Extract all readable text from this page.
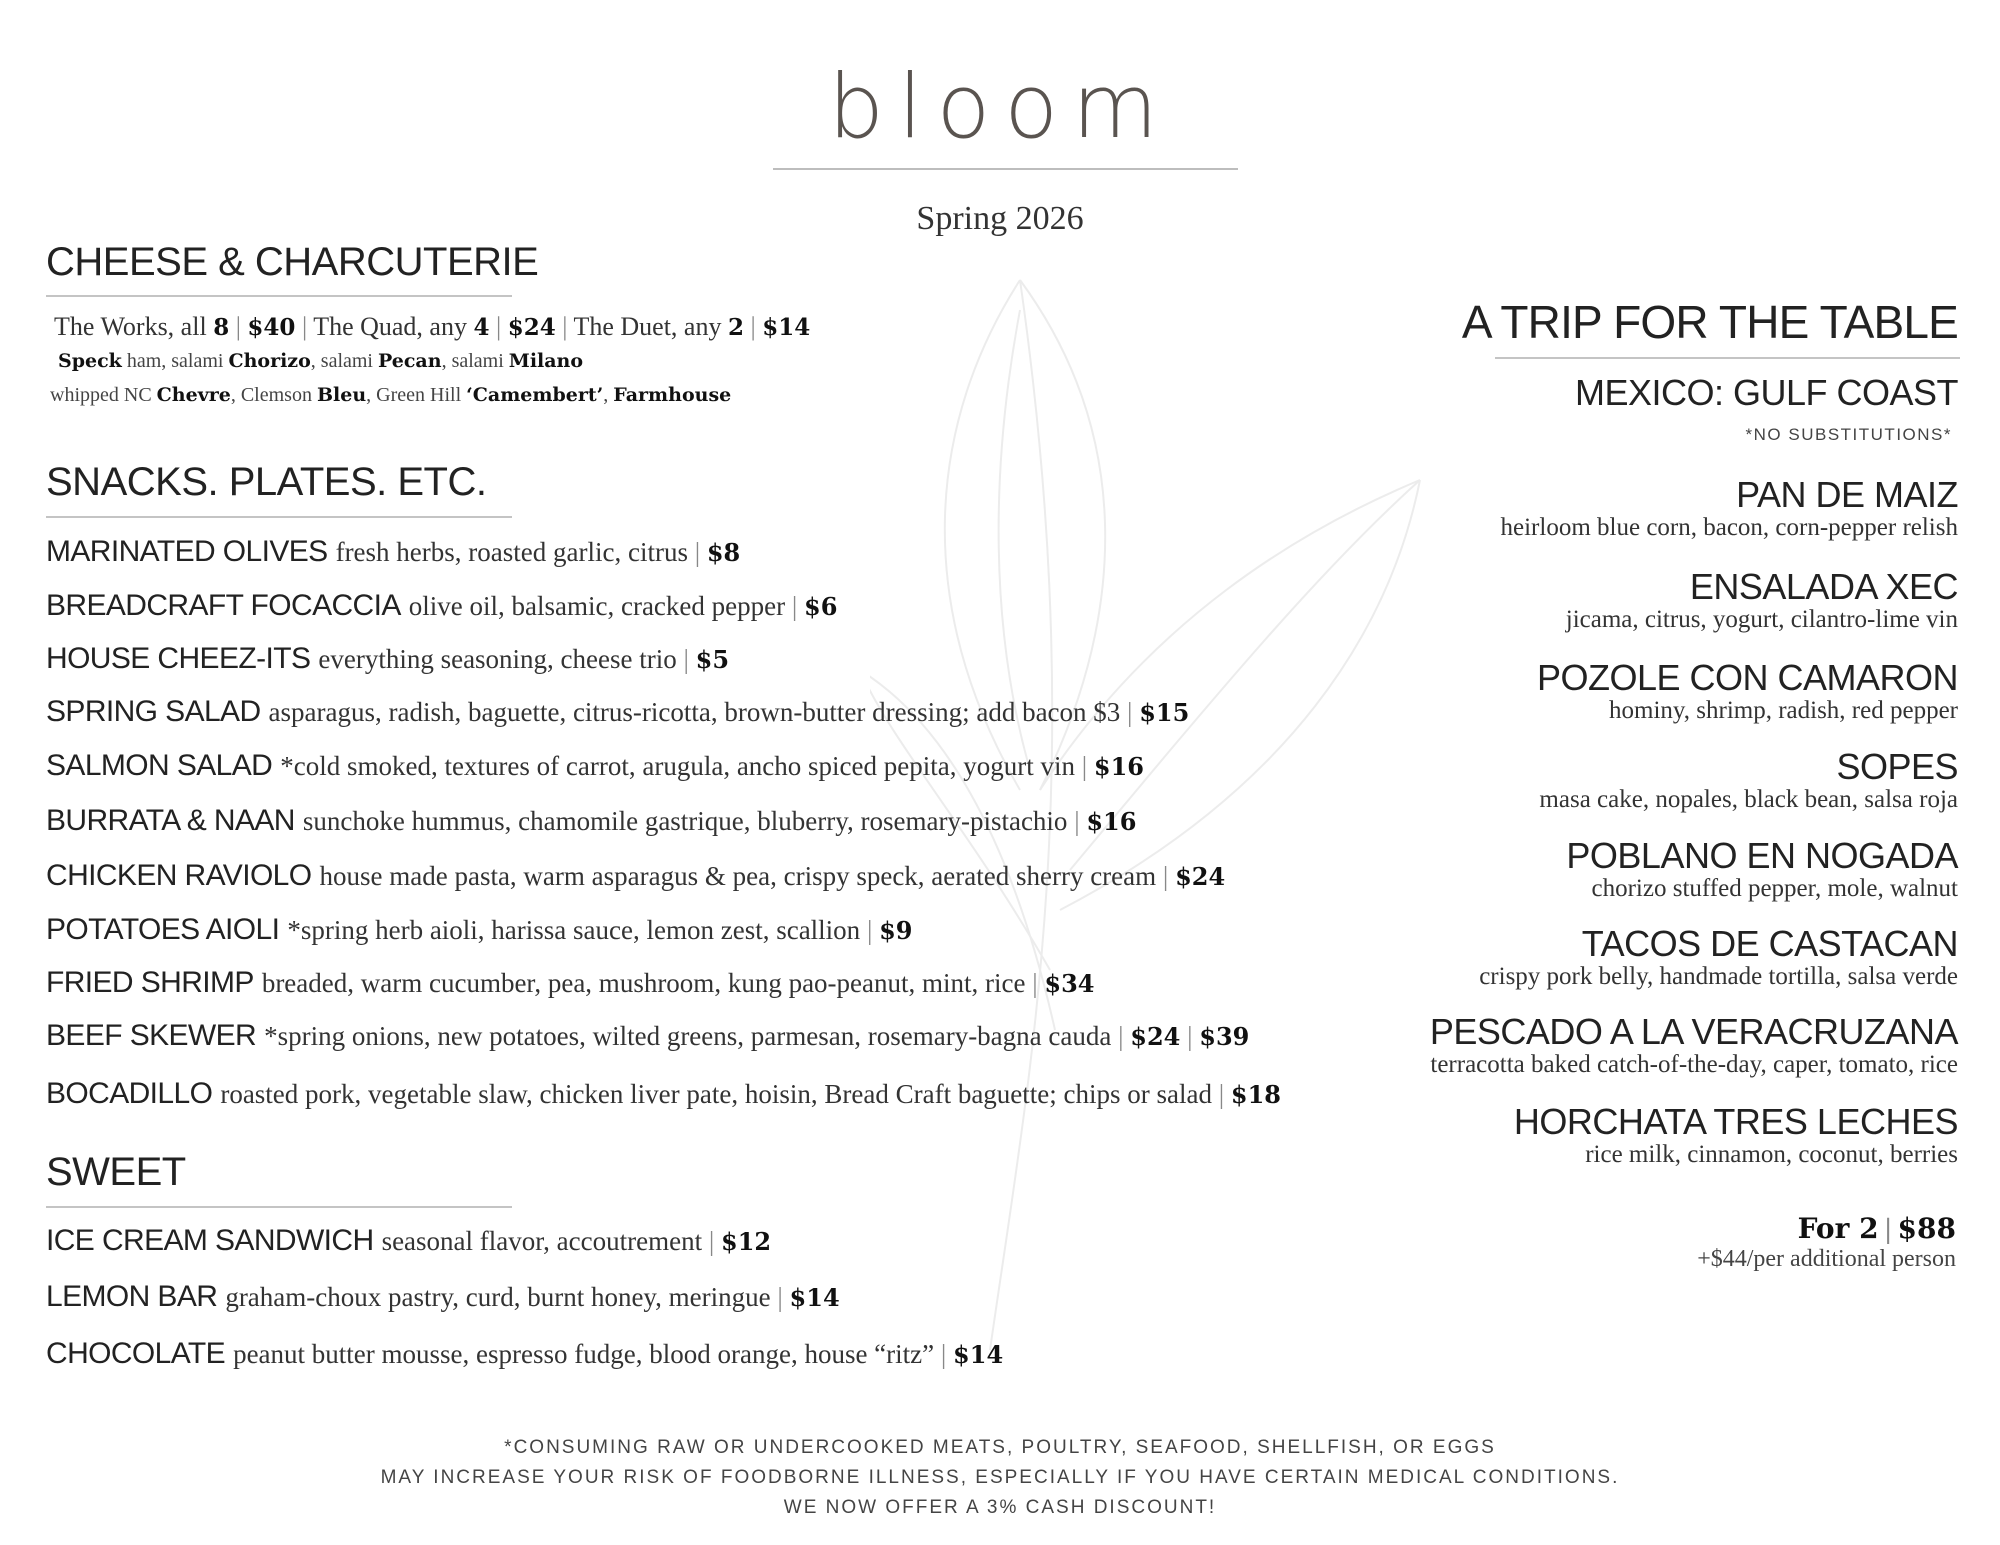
bloom
Spring 2026
CHEESE & CHARCUTERIE
The Works, all 8 | $40 | The Quad, any 4 | $24 | The Duet, any 2 | $14
Speck ham, salami Chorizo, salami Pecan, salami Milano
whipped NC Chevre, Clemson Bleu, Green Hill ‘Camembert’, Farmhouse
SNACKS. PLATES. ETC.
MARINATED OLIVES fresh herbs, roasted garlic, citrus | $8
BREADCRAFT FOCACCIA olive oil, balsamic, cracked pepper | $6
HOUSE CHEEZ-ITS everything seasoning, cheese trio | $5
SPRING SALAD asparagus, radish, baguette, citrus-ricotta, brown-butter dressing; add bacon $3 | $15
SALMON SALAD *cold smoked, textures of carrot, arugula, ancho spiced pepita, yogurt vin | $16
BURRATA & NAAN sunchoke hummus, chamomile gastrique, bluberry, rosemary-pistachio | $16
CHICKEN RAVIOLO house made pasta, warm asparagus & pea, crispy speck, aerated sherry cream | $24
POTATOES AIOLI *spring herb aioli, harissa sauce, lemon zest, scallion | $9
FRIED SHRIMP breaded, warm cucumber, pea, mushroom, kung pao-peanut, mint, rice | $34
BEEF SKEWER *spring onions, new potatoes, wilted greens, parmesan, rosemary-bagna cauda | $24 | $39
BOCADILLO roasted pork, vegetable slaw, chicken liver pate, hoisin, Bread Craft baguette; chips or salad | $18
SWEET
ICE CREAM SANDWICH seasonal flavor, accoutrement | $12
LEMON BAR graham-choux pastry, curd, burnt honey, meringue | $14
CHOCOLATE peanut butter mousse, espresso fudge, blood orange, house “ritz” | $14
A TRIP FOR THE TABLE
MEXICO: GULF COAST
*NO SUBSTITUTIONS*
PAN DE MAIZ
heirloom blue corn, bacon, corn-pepper relish
ENSALADA XEC
jicama, citrus, yogurt, cilantro-lime vin
POZOLE CON CAMARON
hominy, shrimp, radish, red pepper
SOPES
masa cake, nopales, black bean, salsa roja
POBLANO EN NOGADA
chorizo stuffed pepper, mole, walnut
TACOS DE CASTACAN
crispy pork belly, handmade tortilla, salsa verde
PESCADO A LA VERACRUZANA
terracotta baked catch-of-the-day, caper, tomato, rice
HORCHATA TRES LECHES
rice milk, cinnamon, coconut, berries
For 2 | $88
+$44/per additional person
*CONSUMING RAW OR UNDERCOOKED MEATS, POULTRY, SEAFOOD, SHELLFISH, OR EGGS
MAY INCREASE YOUR RISK OF FOODBORNE ILLNESS, ESPECIALLY IF YOU HAVE CERTAIN MEDICAL CONDITIONS.
WE NOW OFFER A 3% CASH DISCOUNT!
